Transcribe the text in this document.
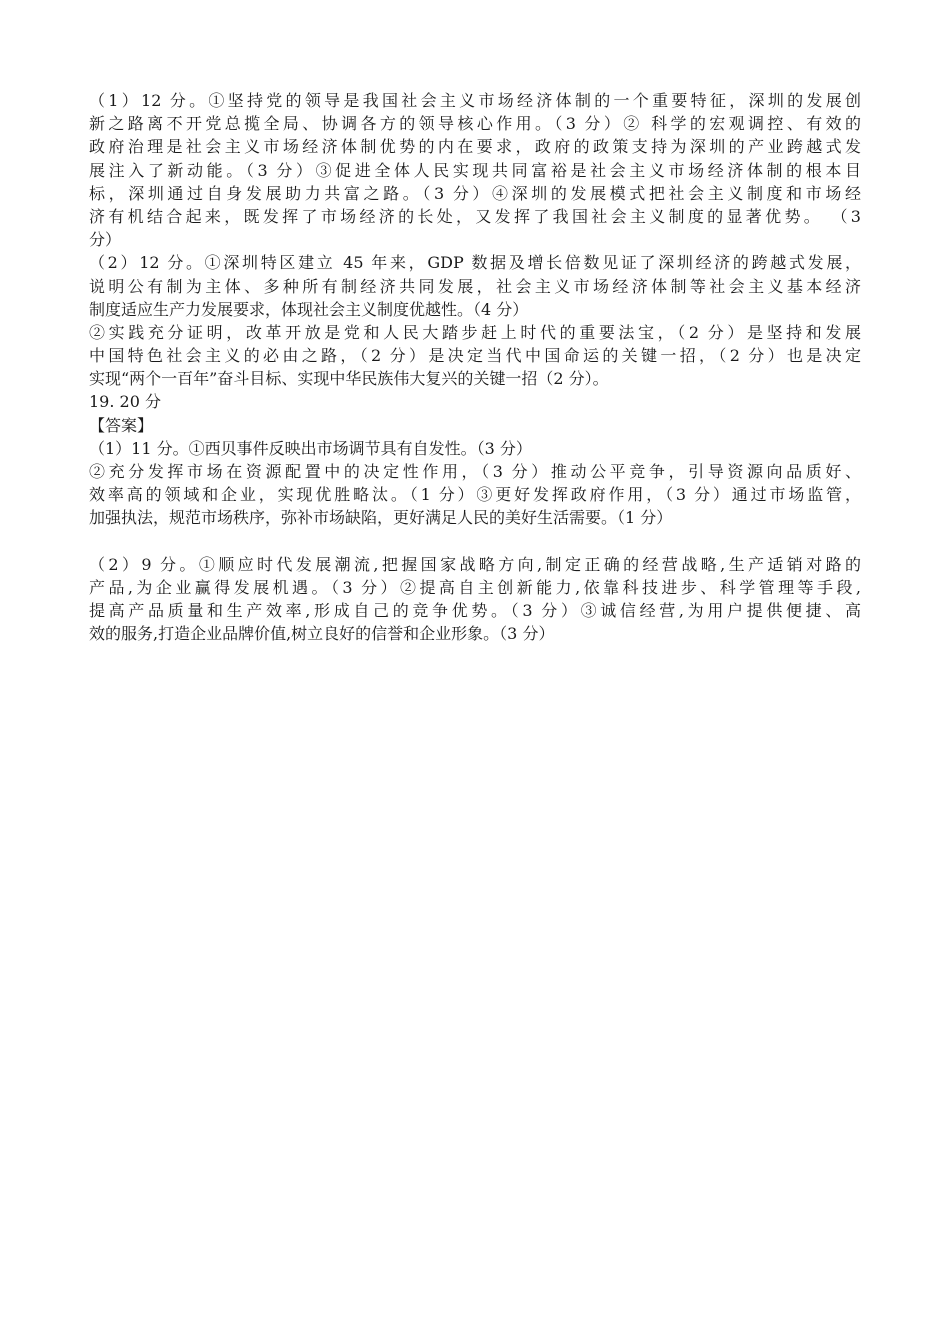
（1）12 分。①坚持党的领导是我国社会主义市场经济体制的一个重要特征，深圳的发展创
新之路离不开党总揽全局、协调各方的领导核心作用。（3 分）② 科学的宏观调控、有效的
政府治理是社会主义市场经济体制优势的内在要求，政府的政策支持为深圳的产业跨越式发
展注入了新动能。（3 分）③促进全体人民实现共同富裕是社会主义市场经济体制的根本目
标，深圳通过自身发展助力共富之路。（3 分）④深圳的发展模式把社会主义制度和市场经
济有机结合起来，既发挥了市场经济的长处，又发挥了我国社会主义制度的显著优势。 （3
分）
（2）12 分。①深圳特区建立 45 年来，GDP 数据及增长倍数见证了深圳经济的跨越式发展，
说明公有制为主体、多种所有制经济共同发展，社会主义市场经济体制等社会主义基本经济
制度适应生产力发展要求，体现社会主义制度优越性。（4 分）
②实践充分证明，改革开放是党和人民大踏步赶上时代的重要法宝，（2 分）是坚持和发展
中国特色社会主义的必由之路，（2 分）是决定当代中国命运的关键一招，（2 分）也是决定
实现“两个一百年”奋斗目标、实现中华民族伟大复兴的关键一招（2 分）。
19. 20 分
【答案】
（1）11 分。①西贝事件反映出市场调节具有自发性。（3 分）
②充分发挥市场在资源配置中的决定性作用，（3 分）推动公平竞争，引导资源向品质好、
效率高的领域和企业，实现优胜略汰。（1 分）③更好发挥政府作用，（3 分）通过市场监管，
加强执法，规范市场秩序，弥补市场缺陷，更好满足人民的美好生活需要。（1 分）
（2）9 分。①顺应时代发展潮流,把握国家战略方向,制定正确的经营战略,生产适销对路的
产品,为企业赢得发展机遇。（3 分）②提高自主创新能力,依靠科技进步、科学管理等手段,
提高产品质量和生产效率,形成自己的竞争优势。（3 分）③诚信经营,为用户提供便捷、高
效的服务,打造企业品牌价值,树立良好的信誉和企业形象。（3 分）
